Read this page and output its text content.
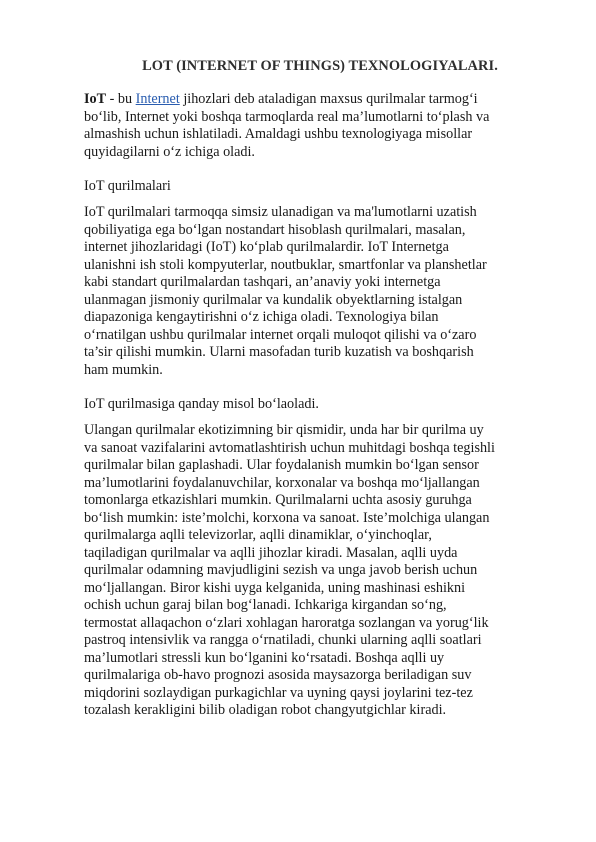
LOT (INTERNET OF THINGS) TEXNOLOGIYALARI.
IoT - bu Internet jihozlari deb ataladigan maxsus qurilmalar tarmog‘i
bo‘lib, Internet yoki boshqa tarmoqlarda real ma’lumotlarni to‘plash va
almashish uchun ishlatiladi. Amaldagi ushbu texnologiyaga misollar
quyidagilarni o‘z ichiga oladi.
IoT qurilmalari
IoT qurilmalari tarmoqqa simsiz ulanadigan va ma'lumotlarni uzatish
qobiliyatiga ega bo‘lgan nostandart hisoblash qurilmalari, masalan,
internet jihozlaridagi (IoT) ko‘plab qurilmalardir. IoT Internetga
ulanishni ish stoli kompyuterlar, noutbuklar, smartfonlar va planshetlar
kabi standart qurilmalardan tashqari, an’anaviy yoki internetga
ulanmagan jismoniy qurilmalar va kundalik obyektlarning istalgan
diapazoniga kengaytirishni o‘z ichiga oladi. Texnologiya bilan
o‘rnatilgan ushbu qurilmalar internet orqali muloqot qilishi va o‘zaro
ta’sir qilishi mumkin. Ularni masofadan turib kuzatish va boshqarish
ham mumkin.
IoT qurilmasiga qanday misol bo‘laoladi.
Ulangan qurilmalar ekotizimning bir qismidir, unda har bir qurilma uy
va sanoat vazifalarini avtomatlashtirish uchun muhitdagi boshqa tegishli
qurilmalar bilan gaplashadi. Ular foydalanish mumkin bo‘lgan sensor
ma’lumotlarini foydalanuvchilar, korxonalar va boshqa mo‘ljallangan
tomonlarga etkazishlari mumkin. Qurilmalarni uchta asosiy guruhga
bo‘lish mumkin: iste’molchi, korxona va sanoat. Iste’molchiga ulangan
qurilmalarga aqlli televizorlar, aqlli dinamiklar, o‘yinchoqlar,
taqiladigan qurilmalar va aqlli jihozlar kiradi. Masalan, aqlli uyda
qurilmalar odamning mavjudligini sezish va unga javob berish uchun
mo‘ljallangan. Biror kishi uyga kelganida, uning mashinasi eshikni
ochish uchun garaj bilan bog‘lanadi. Ichkariga kirgandan so‘ng,
termostat allaqachon o‘zlari xohlagan haroratga sozlangan va yorug‘lik
pastroq intensivlik va rangga o‘rnatiladi, chunki ularning aqlli soatlari
ma’lumotlari stressli kun bo‘lganini ko‘rsatadi. Boshqa aqlli uy
qurilmalariga ob-havo prognozi asosida maysazorga beriladigan suv
miqdorini sozlaydigan purkagichlar va uyning qaysi joylarini tez-tez
tozalash kerakligini bilib oladigan robot changyutgichlar kiradi.
